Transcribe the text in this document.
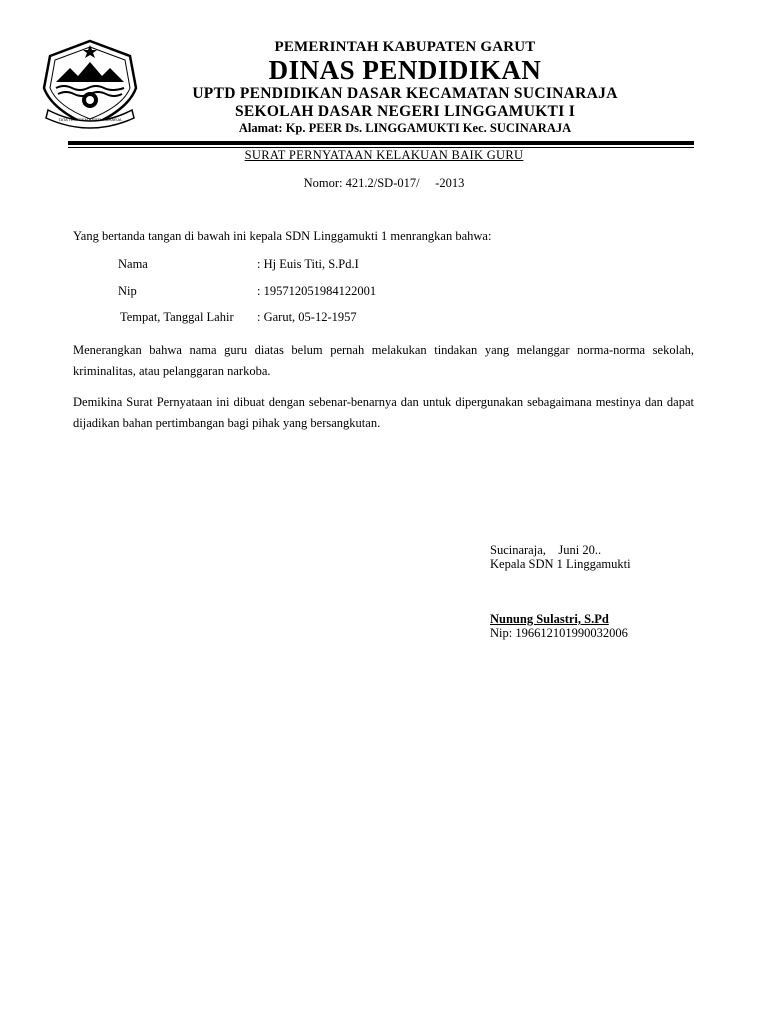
TATA TENTREM KERTA RAHARJA
PEMERINTAH KABUPATEN GARUT
DINAS PENDIDIKAN
UPTD PENDIDIKAN DASAR KECAMATAN SUCINARAJA
SEKOLAH DASAR NEGERI LINGGAMUKTI I
Alamat: Kp. PEER Ds. LINGGAMUKTI Kec. SUCINARAJA
SURAT PERNYATAAN KELAKUAN BAIK GURU
Nomor: 421.2/SD-017/     -2013
Yang bertanda tangan di bawah ini kepala SDN Linggamukti 1 menrangkan bahwa:
Nama	: Hj Euis Titi, S.Pd.I
Nip	: 195712051984122001
Tempat, Tanggal Lahir : Garut, 05-12-1957
Menerangkan bahwa nama guru diatas belum pernah melakukan tindakan yang melanggar norma-norma sekolah, kriminalitas, atau pelanggaran narkoba.
Demikina Surat Pernyataan ini dibuat dengan sebenar-benarnya dan untuk dipergunakan sebagaimana mestinya dan dapat dijadikan bahan pertimbangan bagi pihak yang bersangkutan.
Sucinaraja,    Juni 20..
Kepala SDN 1 Linggamukti
Nunung Sulastri, S.Pd
Nip: 196612101990032006
